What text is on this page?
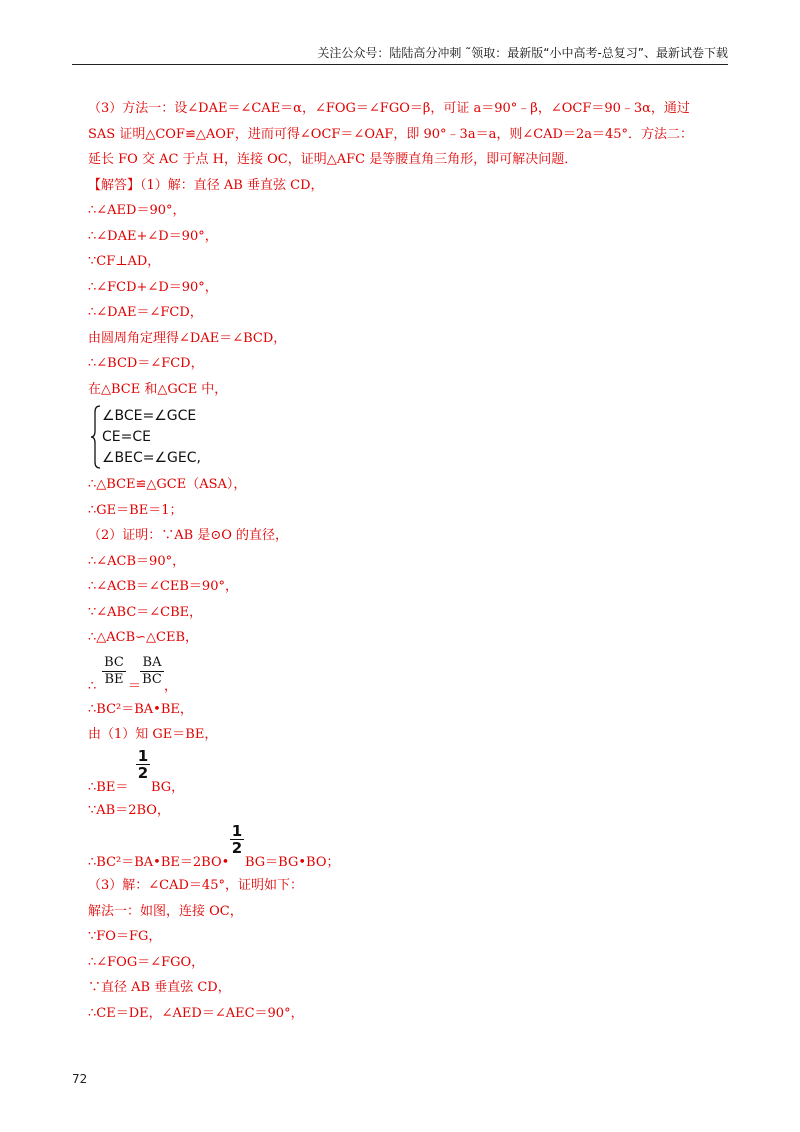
关注公众号：陆陆高分冲刺 ˜领取：最新版“小中高考-总复习”、最新试卷下载
（3）方法一：设∠DAE＝∠CAE＝α，∠FOG＝∠FGO＝β，可证 a＝90°﹣β，∠OCF＝90﹣3α，通过
SAS 证明△COF≌△AOF，进而可得∠OCF＝∠OAF，即 90°﹣3a＝a，则∠CAD＝2a＝45°．方法二：
延长 FO 交 AC 于点 H，连接 OC，证明△AFC 是等腰直角三角形，即可解决问题．
【解答】（1）解：直径 AB 垂直弦 CD，
∴∠AED＝90°，
∴∠DAE+∠D＝90°，
∵CF⊥AD，
∴∠FCD+∠D＝90°，
∴∠DAE＝∠FCD，
由圆周角定理得∠DAE＝∠BCD，
∴∠BCD＝∠FCD，
在△BCE 和△GCE 中，
∠BCE=∠GCE
CE=CE
∠BEC=∠GEC,
∴△BCE≌△GCE（ASA），
∴GE＝BE＝1；
（2）证明：∵AB 是⊙O 的直径，
∴∠ACB＝90°，
∴∠ACB＝∠CEB＝90°，
∵∠ABC＝∠CBE，
∴△ACB∽△CEB，
∴ $\frac{BC}{BE}$ ＝
$\frac{BA}{BC}$ ，
∴BC²＝BA•BE，
由（1）知 GE＝BE，
∴BE＝
$\frac{1}{2}$
BG，
∵AB＝2BO，
∴BC²＝BA•BE＝2BO•
$\frac{1}{2}$
BG＝BG•BO；
（3）解：∠CAD＝45°，证明如下：
解法一：如图，连接 OC，
∵FO＝FG，
∴∠FOG＝∠FGO，
∵直径 AB 垂直弦 CD，
∴CE＝DE，∠AED＝∠AEC＝90°，
72
